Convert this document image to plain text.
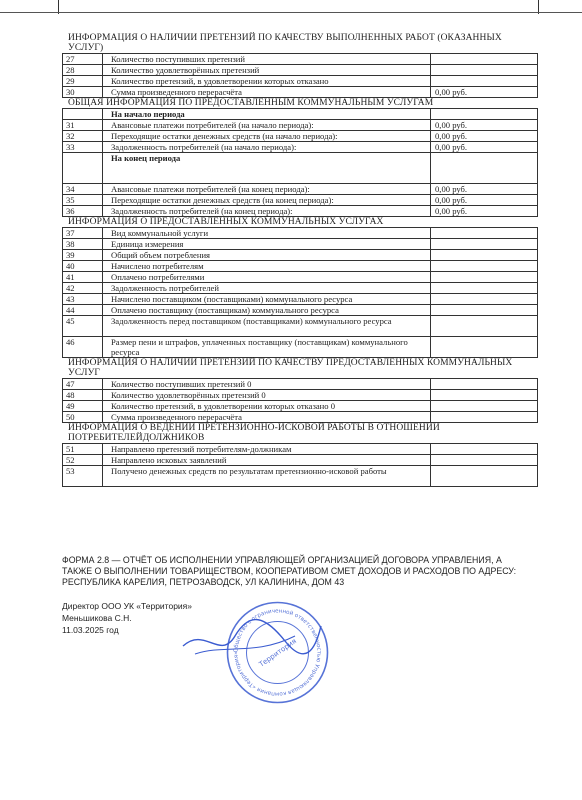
ИНФОРМАЦИЯ О НАЛИЧИИ ПРЕТЕНЗИЙ ПО КАЧЕСТВУ ВЫПОЛНЕННЫХ РАБОТ (ОКАЗАННЫХ УСЛУГ)
27	Количество поступивших претензий
28	Количество удовлетворённых претензий
29	Количество претензий, в удовлетворении которых отказано
30	Сумма произведенного перерасчёта	0,00 руб.
ОБЩАЯ ИНФОРМАЦИЯ ПО ПРЕДОСТАВЛЕННЫМ КОММУНАЛЬНЫМ УСЛУГАМ
На начало периода
31	Авансовые платежи потребителей (на начало периода):	0,00 руб.
32	Переходящие остатки денежных средств (на начало периода):	0,00 руб.
33	Задолженность потребителей (на начало периода):	0,00 руб.
На конец периода
34	Авансовые платежи потребителей (на конец периода):	0,00 руб.
35	Переходящие остатки денежных средств (на конец периода):	0,00 руб.
36	Задолженность потребителей (на конец периода):	0,00 руб.
ИНФОРМАЦИЯ О ПРЕДОСТАВЛЕННЫХ КОММУНАЛЬНЫХ УСЛУГАХ
37	Вид коммунальной услуги
38	Единица измерения
39	Общий объем потребления
40	Начислено потребителям
41	Оплачено потребителями
42	Задолженность потребителей
43	Начислено поставщиком (поставщиками) коммунального ресурса
44	Оплачено поставщику (поставщикам) коммунального ресурса
45	Задолженность перед поставщиком (поставщиками) коммунального ресурса
46	Размер пени и штрафов, уплаченных поставщику (поставщикам) коммунального ресурса
ИНФОРМАЦИЯ О НАЛИЧИИ ПРЕТЕНЗИЙ ПО КАЧЕСТВУ ПРЕДОСТАВЛЕННЫХ КОММУНАЛЬНЫХ УСЛУГ
47	Количество поступивших претензий 0
48	Количество удовлетворённых претензий 0
49	Количество претензий, в удовлетворении которых отказано 0
50	Сумма произведенного перерасчёта
ИНФОРМАЦИЯ О ВЕДЕНИИ ПРЕТЕНЗИОННО-ИСКОВОЙ РАБОТЫ В ОТНОШЕНИИ ПОТРЕБИТЕЛЕЙДОЛЖНИКОВ
51	Направлено претензий потребителям-должникам
52	Направлено исковых заявлений
53	Получено денежных средств по результатам претензионно-исковой работы
ФОРМА 2.8 — ОТЧЁТ ОБ ИСПОЛНЕНИИ УПРАВЛЯЮЩЕЙ ОРГАНИЗАЦИЕЙ ДОГОВОРА УПРАВЛЕНИЯ, А ТАКЖЕ О ВЫПОЛНЕНИИ ТОВАРИЩЕСТВОМ, КООПЕРАТИВОМ СМЕТ ДОХОДОВ И РАСХОДОВ ПО АДРЕСУ:
РЕСПУБЛИКА КАРЕЛИЯ, ПЕТРОЗАВОДСК, УЛ КАЛИНИНА, ДОМ 43
Директор ООО УК «Территория»
Меньшикова С.Н.
11.03.2025 год
Общество с ограниченной ответственностью Управляющая компания «Территория»	Территория
